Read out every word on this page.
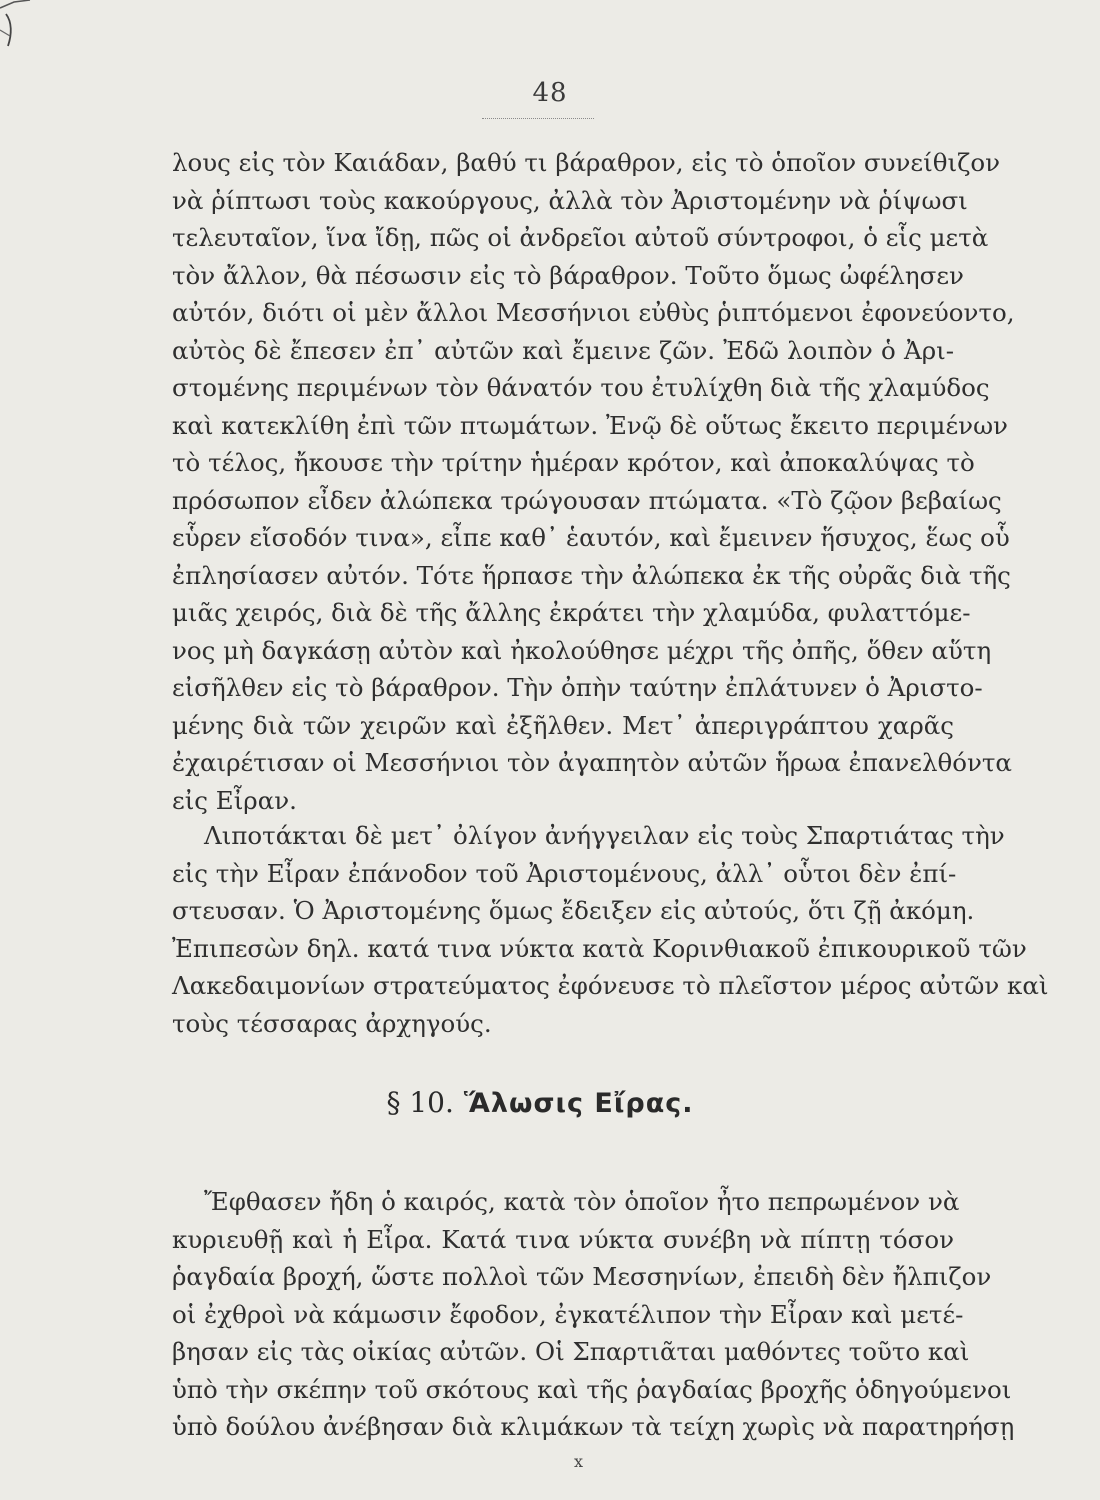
48
λους εἰς τὸν Καιάδαν, βαθύ τι βάραθρον, εἰς τὸ ὁποῖον συνείθιζον
νὰ ῥίπτωσι τοὺς κακούργους, ἀλλὰ τὸν Ἀριστομένην νὰ ῥίψωσι
τελευταῖον, ἵνα ἴδῃ, πῶς οἱ ἀνδρεῖοι αὐτοῦ σύντροφοι, ὁ εἷς μετὰ
τὸν ἄλλον, θὰ πέσωσιν εἰς τὸ βάραθρον. Τοῦτο ὅμως ὠφέλησεν
αὐτόν, διότι οἱ μὲν ἄλλοι Μεσσήνιοι εὐθὺς ῥιπτόμενοι ἐφονεύοντο,
αὐτὸς δὲ ἔπεσεν ἐπ᾽ αὐτῶν καὶ ἔμεινε ζῶν. Ἐδῶ λοιπὸν ὁ Ἀρι-
στομένης περιμένων τὸν θάνατόν του ἐτυλίχθη διὰ τῆς χλαμύδος
καὶ κατεκλίθη ἐπὶ τῶν πτωμάτων. Ἐνῷ δὲ οὕτως ἔκειτο περιμένων
τὸ τέλος, ἤκουσε τὴν τρίτην ἡμέραν κρότον, καὶ ἀποκαλύψας τὸ
πρόσωπον εἶδεν ἀλώπεκα τρώγουσαν πτώματα. «Τὸ ζῷον βεβαίως
εὗρεν εἴσοδόν τινα», εἶπε καθ᾽ ἑαυτόν, καὶ ἔμεινεν ἥσυχος, ἕως οὗ
ἐπλησίασεν αὐτόν. Τότε ἥρπασε τὴν ἀλώπεκα ἐκ τῆς οὐρᾶς διὰ τῆς
μιᾶς χειρός, διὰ δὲ τῆς ἄλλης ἐκράτει τὴν χλαμύδα, φυλαττόμε-
νος μὴ δαγκάσῃ αὐτὸν καὶ ἠκολούθησε μέχρι τῆς ὀπῆς, ὅθεν αὕτη
εἰσῆλθεν εἰς τὸ βάραθρον. Τὴν ὀπὴν ταύτην ἐπλάτυνεν ὁ Ἀριστο-
μένης διὰ τῶν χειρῶν καὶ ἐξῆλθεν. Μετ᾽ ἀπεριγράπτου χαρᾶς
ἐχαιρέτισαν οἱ Μεσσήνιοι τὸν ἀγαπητὸν αὐτῶν ἥρωα ἐπανελθόντα
εἰς Εἶραν.
Λιποτάκται δὲ μετ᾽ ὀλίγον ἀνήγγειλαν εἰς τοὺς Σπαρτιάτας τὴν
εἰς τὴν Εἶραν ἐπάνοδον τοῦ Ἀριστομένους, ἀλλ᾽ οὗτοι δὲν ἐπί-
στευσαν. Ὁ Ἀριστομένης ὅμως ἔδειξεν εἰς αὐτούς, ὅτι ζῇ ἀκόμη.
Ἐπιπεσὼν δηλ. κατά τινα νύκτα κατὰ Κορινθιακοῦ ἐπικουρικοῦ τῶν
Λακεδαιμονίων στρατεύματος ἐφόνευσε τὸ πλεῖστον μέρος αὐτῶν καὶ
τοὺς τέσσαρας ἀρχηγούς.
§ 10. Ἅλωσις Εἴρας.
Ἔφθασεν ἤδη ὁ καιρός, κατὰ τὸν ὁποῖον ἦτο πεπρωμένον νὰ
κυριευθῇ καὶ ἡ Εἶρα. Κατά τινα νύκτα συνέβη νὰ πίπτῃ τόσον
ῥαγδαία βροχή, ὥστε πολλοὶ τῶν Μεσσηνίων, ἐπειδὴ δὲν ἤλπιζον
οἱ ἐχθροὶ νὰ κάμωσιν ἔφοδον, ἐγκατέλιπον τὴν Εἶραν καὶ μετέ-
βησαν εἰς τὰς οἰκίας αὐτῶν. Οἱ Σπαρτιᾶται μαθόντες τοῦτο καὶ
ὑπὸ τὴν σκέπην τοῦ σκότους καὶ τῆς ῥαγδαίας βροχῆς ὁδηγούμενοι
ὑπὸ δούλου ἀνέβησαν διὰ κλιμάκων τὰ τείχη χωρὶς νὰ παρατηρήσῃ
x
